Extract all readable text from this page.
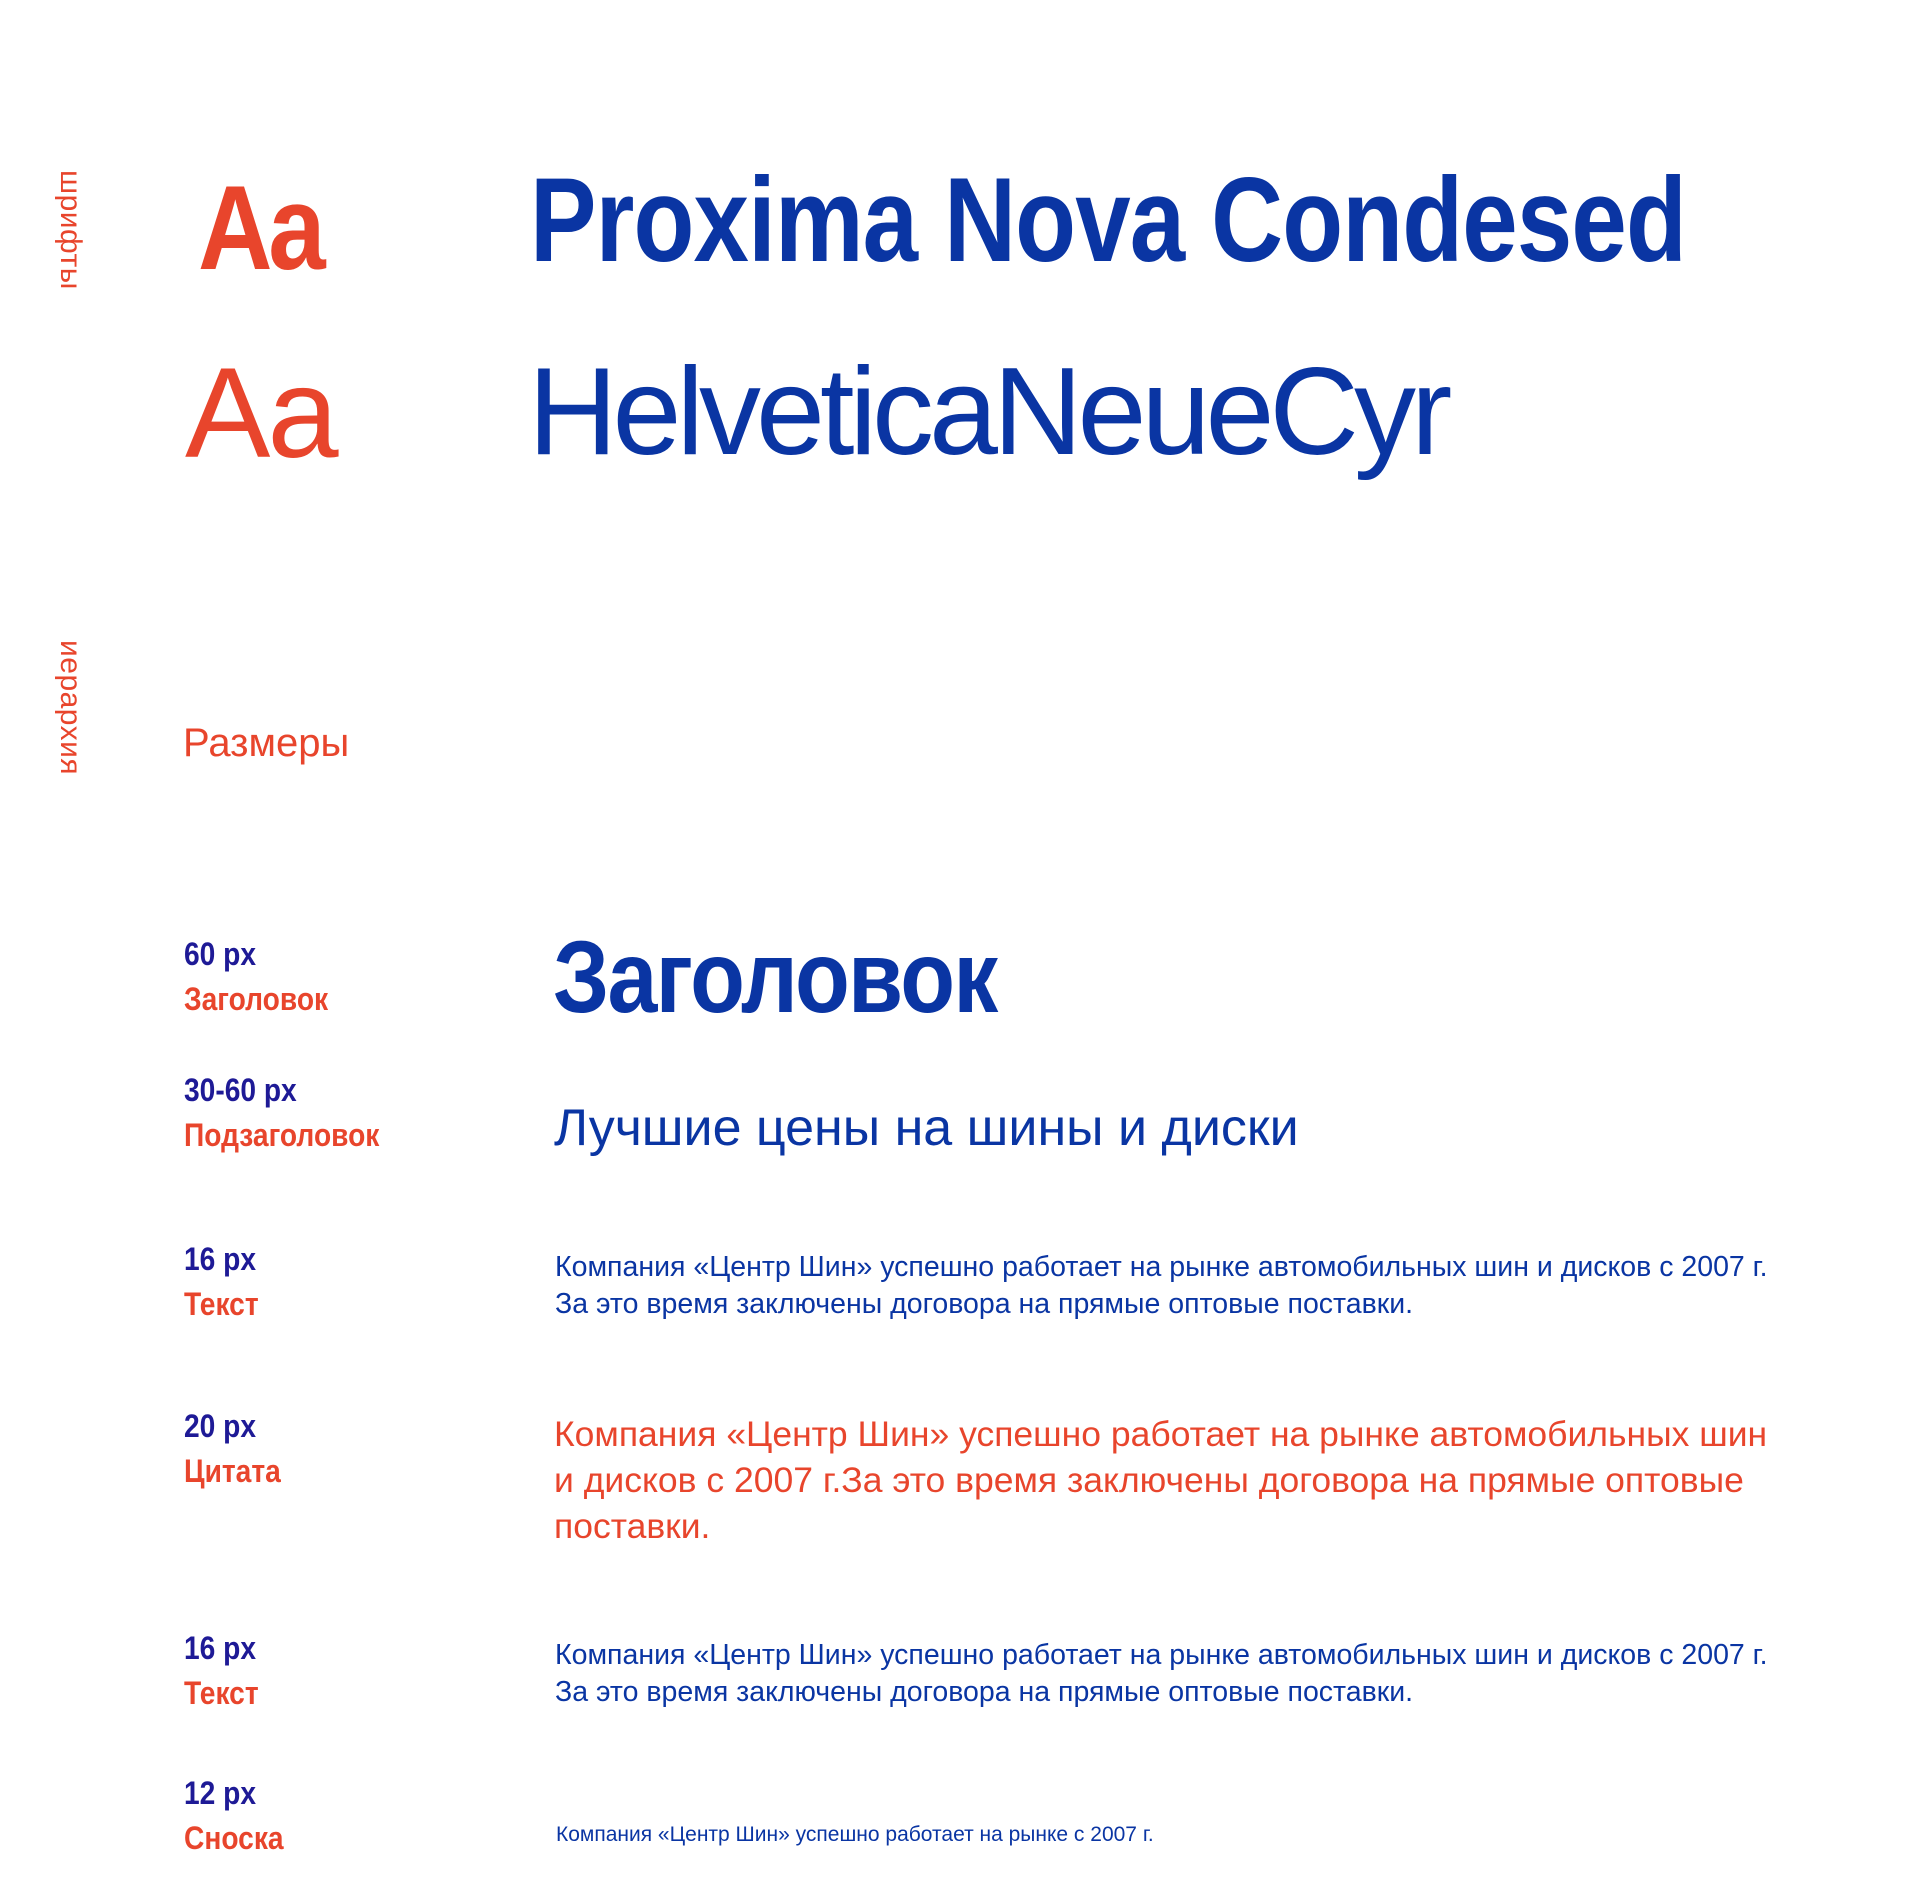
шрифты
иерархия
Aa Proxima Nova Condesed
Aa HelveticaNeueCyr
Размеры
60 px
Заголовок Заголовок
30-60 px
Подзаголовок	Лучшие цены на шины и диски
16 px
Текст
Компания «Центр Шин» успешно работает на рынке автомобильных шин и дисков с 2007 г.
За это время заключены договора на прямые оптовые поставки.
20 px
Цитата
Компания «Центр Шин» успешно работает на рынке автомобильных шин
и дисков с 2007 г.За это время заключены договора на прямые оптовые
поставки.
16 px
Текст
Компания «Центр Шин» успешно работает на рынке автомобильных шин и дисков с 2007 г.
За это время заключены договора на прямые оптовые поставки.
12 px
Сноска	Компания «Центр Шин» успешно работает на рынке с 2007 г.
